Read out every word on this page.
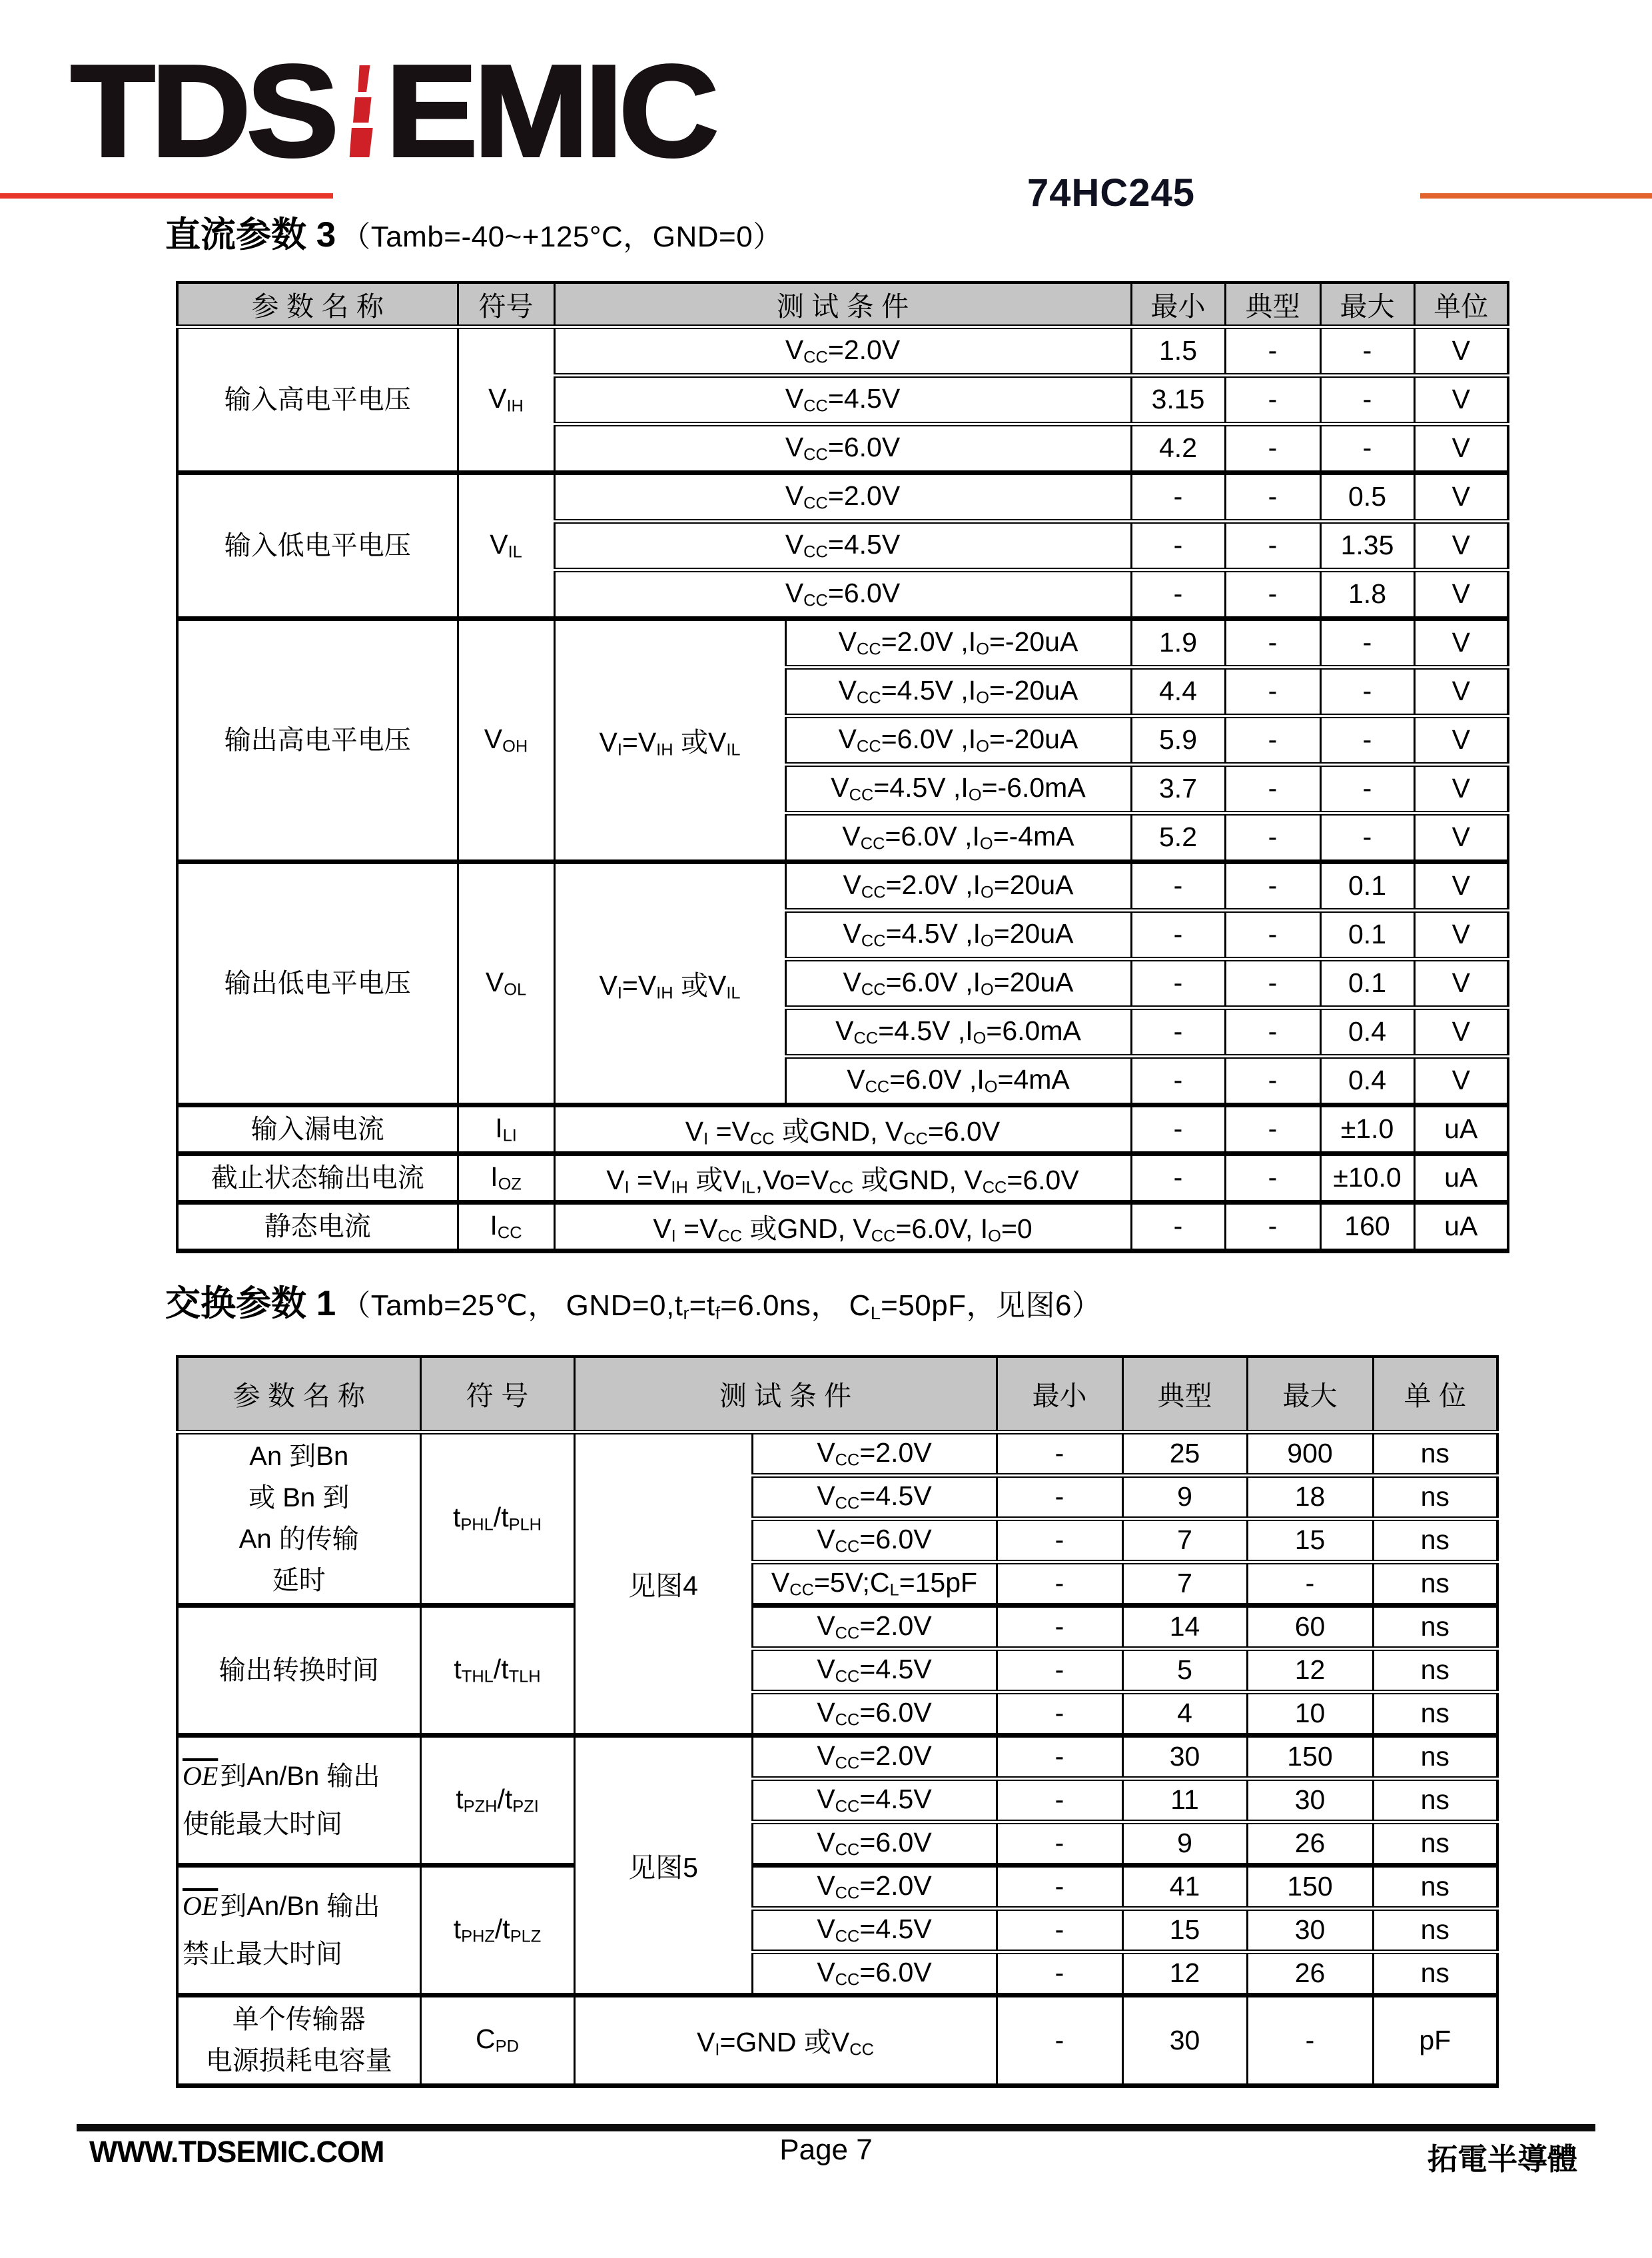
TDS EMIC
74HC245
直流参数 3 （Tamb=-40~+125°C，GND=0）
参 数 名 称	符号	测 试 条 件		最小	典型	最大	单位
输入高电平电压	$V_{IH}$	$V_{CC}=2.0V$		1.5	-	-	V
		$V_{CC}=4.5V$		3.15	-	-	V
		$V_{CC}=6.0V$		4.2	-	-	V
输入低电平电压	$V_{IL}$	$V_{CC}=2.0V$		-	-	0.5	V
		$V_{CC}=4.5V$		-	-	1.35	V
		$V_{CC}=6.0V$		-	-	1.8	V
输出高电平电压	$V_{OH}$	$V_I=V_{IH}$ 或$V_{IL}$	$V_{CC}=2.0V$ $,I_O=-20uA$	1.9	-	-	V
			$V_{CC}=4.5V$ $,I_O=-20uA$	4.4	-	-	V
			$V_{CC}=6.0V$ $,I_O=-20uA$	5.9	-	-	V
			$V_{CC}=4.5V$ $,I_O=-6.0mA$	3.7	-	-	V
			$V_{CC}=6.0V$ $,I_O=-4mA$	5.2	-	-	V
输出低电平电压	$V_{OL}$	$V_I=V_{IH}$ 或$V_{IL}$	$V_{CC}=2.0V$ $,I_O=20uA$	-	-	0.1	V
			$V_{CC}=4.5V$ $,I_O=20uA$	-	-	0.1	V
			$V_{CC}=6.0V$ $,I_O=20uA$	-	-	0.1	V
			$V_{CC}=4.5V$ $,I_O=6.0mA$	-	-	0.4	V
			$V_{CC}=6.0V$ $,I_O=4mA$	-	-	0.4	V
输入漏电流	$I_{LI}$	$V_I =V_{CC}$ 或GND, $V_{CC}=6.0V$		-	-	±1.0	uA
截止状态输出电流	$I_{OZ}$	$V_I =V_{IH}$ 或$V_{IL},Vo=V_{CC}$ 或GND, $V_{CC}=6.0V$		-	-	±10.0	uA
静态电流	$I_{CC}$	$V_I =V_{CC}$ 或GND, $V_{CC}=6.0V$, $I_O=0$		-	-	160	uA
交换参数 1 （Tamb=25℃， $GND=0,t_r=t_f=6.0ns$， $C_L=50pF$，见图6）
参 数 名 称	符 号	测 试 条 件		最小	典型	最大	单 位
An 到Bn
或 Bn 到
An 的传输
延时	$t_{PHL}/t_{PLH}$	见图4	$V_{CC}=2.0V$	-	25	900	ns
			$V_{CC}=4.5V$	-	9	18	ns
			$V_{CC}=6.0V$	-	7	15	ns
			$V_{CC}=5V;C_L=15pF$	-	7	-	ns
输出转换时间	$t_{THL}/t_{TLH}$		$V_{CC}=2.0V$	-	14	60	ns
			$V_{CC}=4.5V$	-	5	12	ns
			$V_{CC}=6.0V$	-	4	10	ns
$\overline{OE}$到An/Bn 输出
使能最大时间	$t_{PZH}/t_{PZI}$	见图5	$V_{CC}=2.0V$	-	30	150	ns
			$V_{CC}=4.5V$	-	11	30	ns
			$V_{CC}=6.0V$	-	9	26	ns
$\overline{OE}$到An/Bn 输出
禁止最大时间	$t_{PHZ}/t_{PLZ}$		$V_{CC}=2.0V$	-	41	150	ns
			$V_{CC}=4.5V$	-	15	30	ns
			$V_{CC}=6.0V$	-	12	26	ns
单个传输器
电源损耗电容量	$C_{PD}$	$V_I=GND$ 或$V_{CC}$		-	30	-	pF
WWW.TDSEMIC.COM	Page 7	拓電半導體
